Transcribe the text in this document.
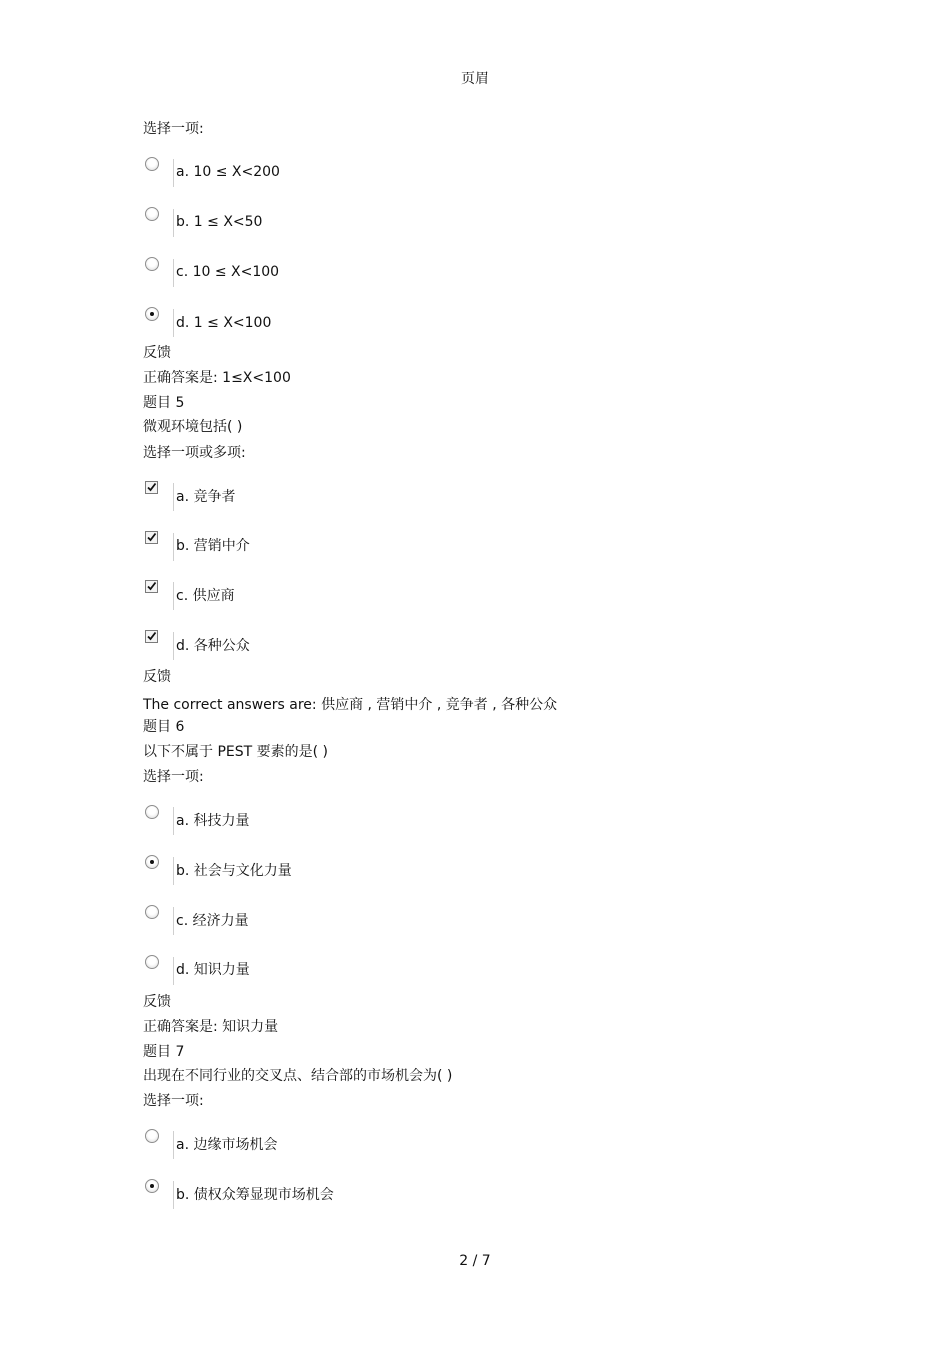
页眉
选择一项:
a. 10 ≤ X<200
b. 1 ≤ X<50
c. 10 ≤ X<100
d. 1 ≤ X<100
反馈
正确答案是: 1≤X<100
题目 5
微观环境包括( )
选择一项或多项:
a. 竞争者
b. 营销中介
c. 供应商
d. 各种公众
反馈
The correct answers are: 供应商 , 营销中介 , 竞争者 , 各种公众
题目 6
以下不属于 PEST 要素的是( )
选择一项:
a. 科技力量
b. 社会与文化力量
c. 经济力量
d. 知识力量
反馈
正确答案是: 知识力量
题目 7
出现在不同行业的交叉点、结合部的市场机会为( )
选择一项:
a. 边缘市场机会
b. 债权众筹显现市场机会
2 / 7
